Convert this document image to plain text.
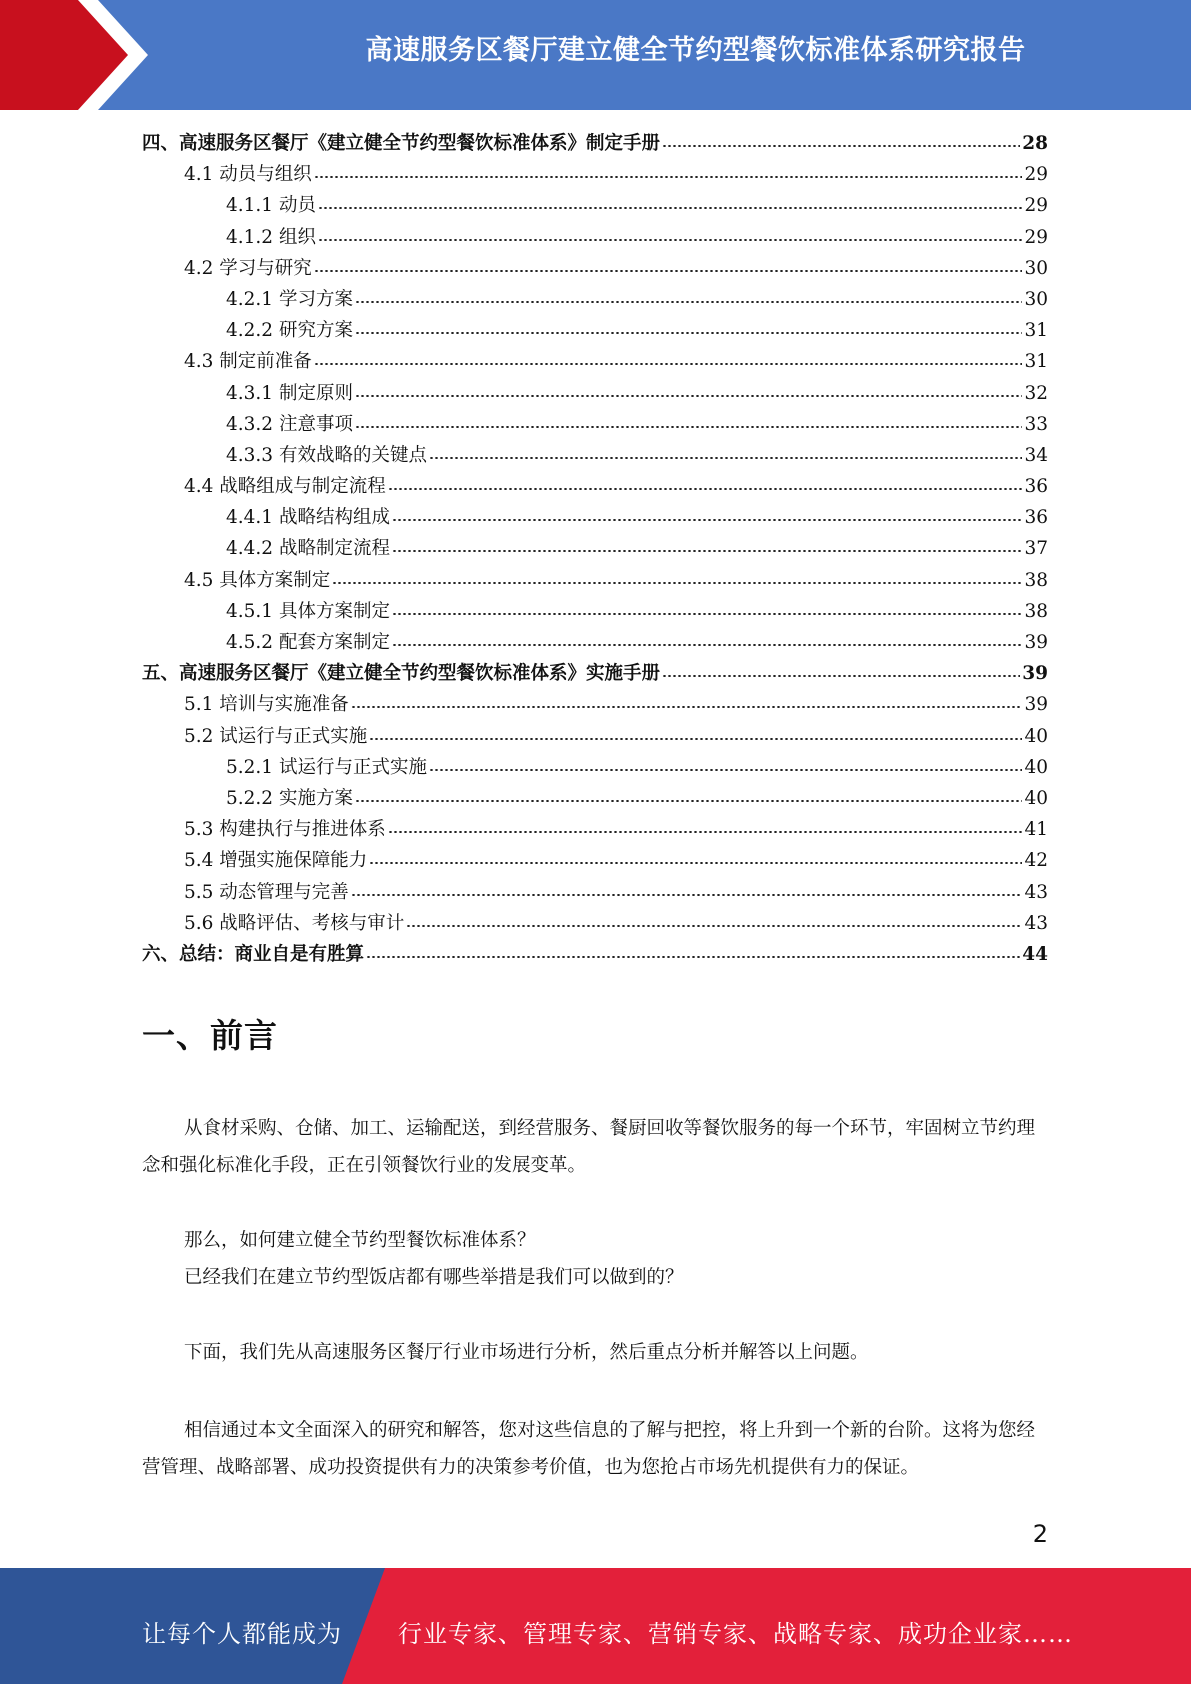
高速服务区餐厅建立健全节约型餐饮标准体系研究报告
四、高速服务区餐厅《建立健全节约型餐饮标准体系》制定手册	28
4.1 动员与组织	29
4.1.1 动员	29
4.1.2 组织	29
4.2 学习与研究	30
4.2.1 学习方案	30
4.2.2 研究方案	31
4.3 制定前准备	31
4.3.1 制定原则	32
4.3.2 注意事项	33
4.3.3 有效战略的关键点	34
4.4 战略组成与制定流程	36
4.4.1 战略结构组成	36
4.4.2 战略制定流程	37
4.5 具体方案制定	38
4.5.1 具体方案制定	38
4.5.2 配套方案制定	39
五、高速服务区餐厅《建立健全节约型餐饮标准体系》实施手册	39
5.1 培训与实施准备	39
5.2 试运行与正式实施	40
5.2.1 试运行与正式实施	40
5.2.2 实施方案	40
5.3 构建执行与推进体系	41
5.4 增强实施保障能力	42
5.5 动态管理与完善	43
5.6 战略评估、考核与审计	43
六、总结：商业自是有胜算	44
一、前言

从食材采购、仓储、加工、运输配送，到经营服务、餐厨回收等餐饮服务的每一个环节，牢固树立节约理念和强化标准化手段，正在引领餐饮行业的发展变革。

那么，如何建立健全节约型餐饮标准体系？
已经我们在建立节约型饭店都有哪些举措是我们可以做到的？

下面，我们先从高速服务区餐厅行业市场进行分析，然后重点分析并解答以上问题。

相信通过本文全面深入的研究和解答，您对这些信息的了解与把控，将上升到一个新的台阶。这将为您经营管理、战略部署、成功投资提供有力的决策参考价值，也为您抢占市场先机提供有力的保证。

2
让每个人都能成为 行业专家、管理专家、营销专家、战略专家、成功企业家……
